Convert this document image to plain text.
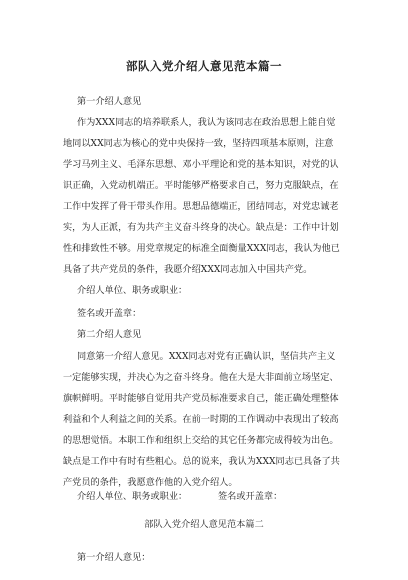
部队入党介绍人意见范本篇一
第一介绍人意见
作为XXX同志的培养联系人，我认为该同志在政治思想上能自觉
地同以XX同志为核心的党中央保持一致，坚持四项基本原则，注意
学习马列主义、毛泽东思想、邓小平理论和党的基本知识，对党的认
识正确，入党动机端正。平时能够严格要求自己，努力克服缺点，在
工作中发挥了骨干带头作用。思想品德端正，团结同志，对党忠诚老
实，为人正派，有为共产主义奋斗终身的决心。缺点是：工作中计划
性和排致性不够。用党章规定的标准全面衡量XXX同志，我认为他已
具备了共产党员的条件，我愿介绍XXX同志加入中国共产党。
介绍人单位、职务或职业：
签名或开盖章：
第二介绍人意见
同意第一介绍人意见。XXX同志对党有正确认识，坚信共产主义
一定能够实现，并决心为之奋斗终身。他在大是大非面前立场坚定、
旗帜鲜明。平时能够自觉用共产党员标准要求自己，能正确处理整体
利益和个人利益之间的关系。在前一时期的工作调动中表现出了较高
的思想觉悟。本职工作和组织上交给的其它任务都完成得较为出色。
缺点是工作中有时有些粗心。总的说来，我认为XXX同志已具备了共
产党员的条件，我愿意作他的入党介绍人。
介绍人单位、职务或职业：	签名或开盖章：
部队入党介绍人意见范本篇二
第一介绍人意见：
